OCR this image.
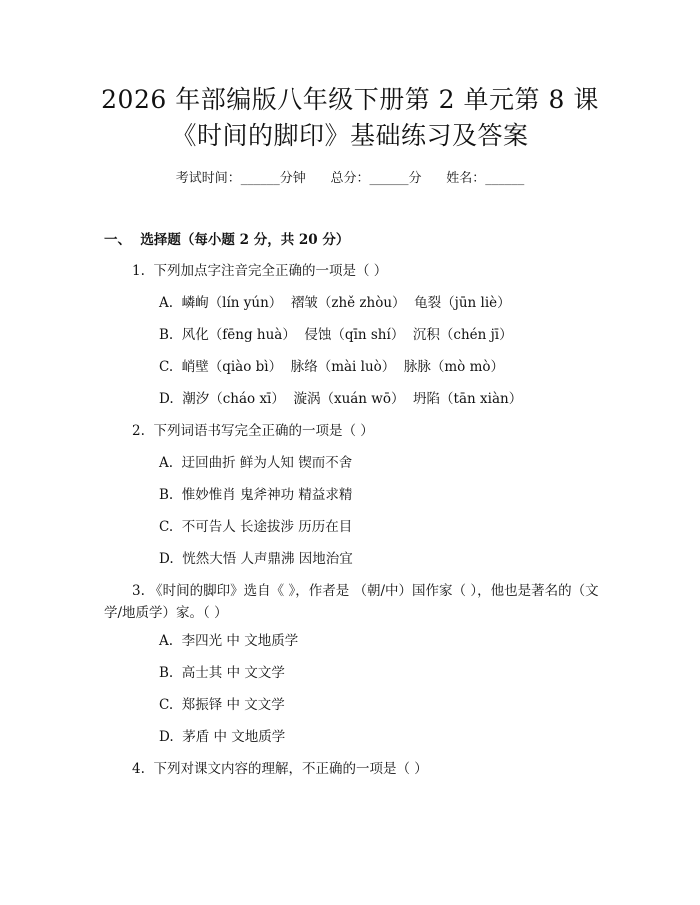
2026 年部编版八年级下册第 2 单元第 8 课
《时间的脚印》基础练习及答案
考试时间：______分钟      总分：______分      姓名：______
一、  选择题（每小题 2 分，共 20 分）
1.  下列加点字注音完全正确的一项是（ ）
A.  嶙峋（lín yún）  褶皱（zhě zhòu）  龟裂（jūn liè）
B.  风化（fēng huà）  侵蚀（qīn shí）  沉积（chén jī）
C.  峭壁（qiào bì）  脉络（mài luò）  脉脉（mò mò）
D.  潮汐（cháo xī）  漩涡（xuán wō）  坍陷（tān xiàn）
2.  下列词语书写完全正确的一项是（ ）
A.  迂回曲折 鲜为人知 锲而不舍
B.  惟妙惟肖 鬼斧神功 精益求精
C.  不可告人 长途拔涉 历历在目
D.  恍然大悟 人声鼎沸 因地治宜
3. 《时间的脚印》选自《 》，作者是 （朝/中）国作家（ ），他也是著名的（文学/地质学）家。（ ）
A.  李四光 中 文地质学
B.  高士其 中 文文学
C.  郑振铎 中 文文学
D.  茅盾 中 文地质学
4.  下列对课文内容的理解，不正确的一项是（ ）
